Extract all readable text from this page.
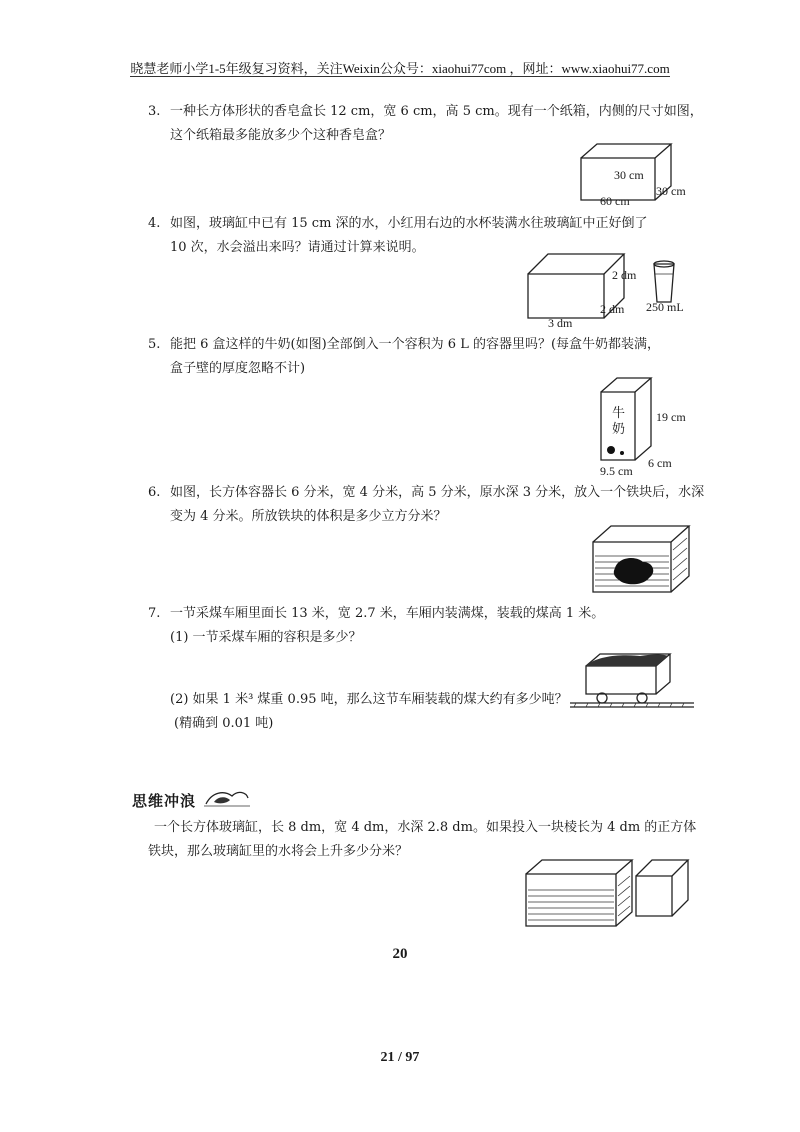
晓慧老师小学1-5年级复习资料，关注Weixin公众号：xiaohui77com ，网址：www.xiaohui77.com
3. 一种长方体形状的香皂盒长 12 cm，宽 6 cm，高 5 cm。现有一个纸箱，内侧的尺寸如图，
这个纸箱最多能放多少个这种香皂盒？
30 cm
30 cm
60 cm
4. 如图，玻璃缸中已有 15 cm 深的水，小红用右边的水杯装满水往玻璃缸中正好倒了
10 次，水会溢出来吗？请通过计算来说明。
2 dm
2 dm
3 dm
250 mL
5. 能把 6 盒这样的牛奶(如图)全部倒入一个容积为 6 L 的容器里吗？(每盒牛奶都装满，
盒子壁的厚度忽略不计)
牛
奶
19 cm
6 cm
9.5 cm
6. 如图，长方体容器长 6 分米，宽 4 分米，高 5 分米，原水深 3 分米，放入一个铁块后，水深
变为 4 分米。所放铁块的体积是多少立方分米？
7. 一节采煤车厢里面长 13 米，宽 2.7 米，车厢内装满煤，装载的煤高 1 米。
(1) 一节采煤车厢的容积是多少？
(2) 如果 1 米³ 煤重 0.95 吨，那么这节车厢装载的煤大约有多少吨？
(精确到 0.01 吨)
思维冲浪
一个长方体玻璃缸，长 8 dm，宽 4 dm，水深 2.8 dm。如果投入一块棱长为 4 dm 的正方体
铁块，那么玻璃缸里的水将会上升多少分米？
20
21 / 97
